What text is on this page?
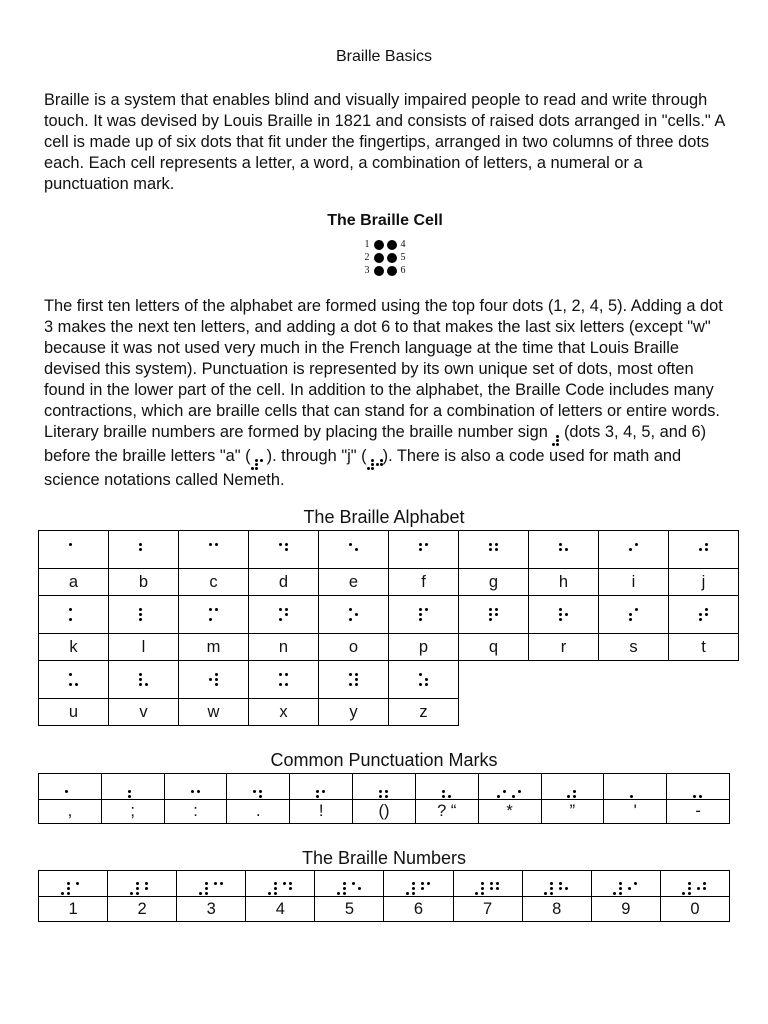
Braille Basics

Braille is a system that enables blind and visually impaired people to read and write through touch. It was devised by Louis Braille in 1821 and consists of raised dots arranged in "cells." A cell is made up of six dots that fit under the fingertips, arranged in two columns of three dots each. Each cell represents a letter, a word, a combination of letters, a numeral or a punctuation mark.

The Braille Cell
1	4
2	5
3	6

The first ten letters of the alphabet are formed using the top four dots (1, 2, 4, 5). Adding a dot 3 makes the next ten letters, and adding a dot 6 to that makes the last six letters (except "w" because it was not used very much in the French language at the time that Louis Braille devised this system). Punctuation is represented by its own unique set of dots, most often found in the lower part of the cell. In addition to the alphabet, the Braille Code includes many contractions, which are braille cells that can stand for a combination of letters or entire words. Literary braille numbers are formed by placing the braille number sign (dots 3, 4, 5, and 6) before the braille letters "a" ( ). through "j" ( ). There is also a code used for math and science notations called Nemeth.

The Braille Alphabet

a	b	c	d	e	f	g	h	i	j

k	l	m	n	o	p	q	r	s	t

u	v	w	x	y	z				
Common Punctuation Marks

,	;	:	.	!	()	? “	*	”	'	-
The Braille Numbers

1	2	3	4	5	6	7	8	9	0
